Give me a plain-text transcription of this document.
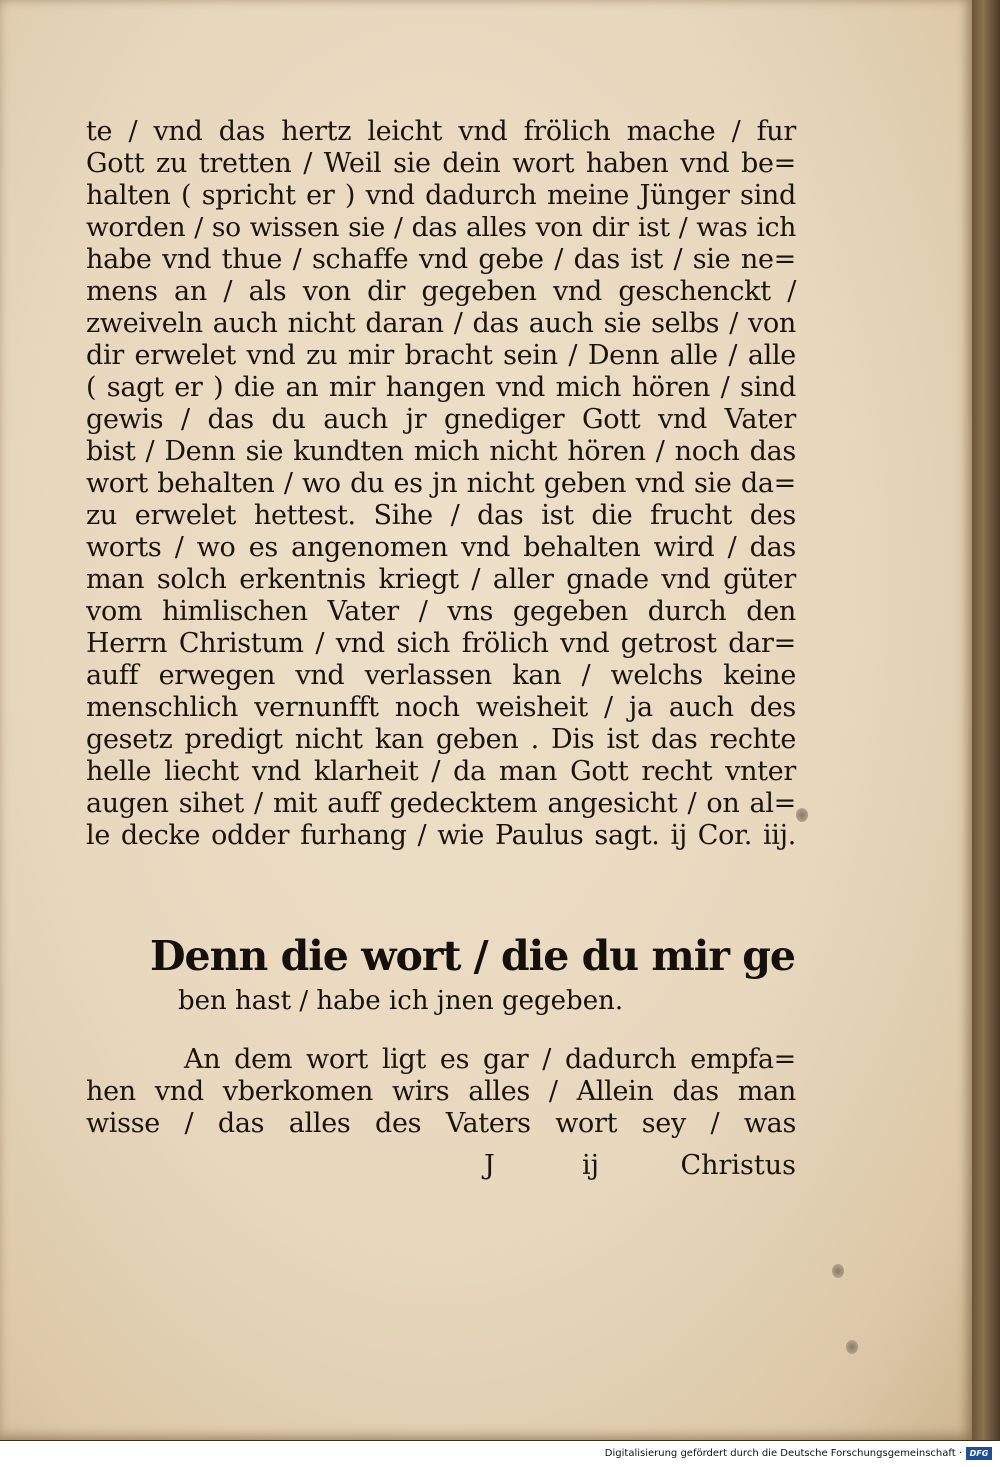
te / vnd das hertz leicht vnd frölich mache / fur
Gott zu tretten / Weil sie dein wort haben vnd be=
halten ( spricht er ) vnd dadurch meine Jünger sind
worden / so wissen sie / das alles von dir ist / was ich
habe vnd thue / schaffe vnd gebe / das ist / sie ne=
mens an / als von dir gegeben vnd geschenckt /
zweiveln auch nicht daran / das auch sie selbs / von
dir erwelet vnd zu mir bracht sein / Denn alle / alle
( sagt er ) die an mir hangen vnd mich hören / sind
gewis / das du auch jr gnediger Gott vnd Vater
bist / Denn sie kundten mich nicht hören / noch das
wort behalten / wo du es jn nicht geben vnd sie da=
zu erwelet hettest. Sihe / das ist die frucht des
worts / wo es angenomen vnd behalten wird / das
man solch erkentnis kriegt / aller gnade vnd güter
vom himlischen Vater / vns gegeben durch den
Herrn Christum / vnd sich frölich vnd getrost dar=
auff erwegen vnd verlassen kan / welchs keine
menschlich vernunfft noch weisheit / ja auch des
gesetz predigt nicht kan geben . Dis ist das rechte
helle liecht vnd klarheit / da man Gott recht vnter
augen sihet / mit auff gedecktem angesicht / on al=
le decke odder furhang / wie Paulus sagt. ij Cor. iij.
Denn die wort / die du mir ge
ben hast / habe ich jnen gegeben.
An dem wort ligt es gar / dadurch empfa=
hen vnd vberkomen wirs alles / Allein das man
wisse / das alles des Vaters wort sey / was
J	ij	Christus
Digitalisierung gefördert durch die Deutsche Forschungsgemeinschaft · DFG
